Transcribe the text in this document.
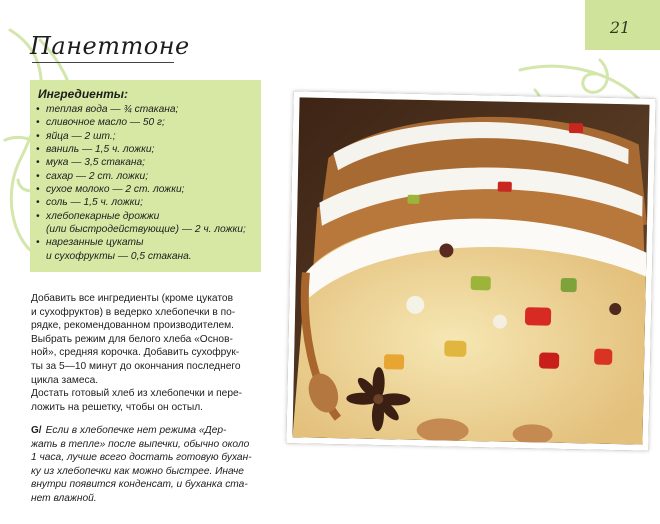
21
Панеттоне
Ингредиенты:
• теплая вода — ¾ стакана;
• сливочное масло — 50 г;
• яйца — 2 шт.;
• ваниль — 1,5 ч. ложки;
• мука — 3,5 стакана;
• сахар — 2 ст. ложки;
• сухое молоко — 2 ст. ложки;
• соль — 1,5 ч. ложки;
• хлебопекарные дрожжи
(или быстродействующие) — 2 ч. ложки;
• нарезанные цукаты
и сухофрукты — 0,5 стакана.

Добавить все ингредиенты (кроме цукатов

и сухофруктов) в ведерко хлебопечки в по-

рядке, рекомендованном производителем.

Выбрать режим для белого хлеба «Основ-

ной», средняя корочка. Добавить сухофрук-

ты за 5—10 минут до окончания последнего

цикла замеса.

Достать готовый хлеб из хлебопечки и пере-

ложить на решетку, чтобы он остыл.

G/ Если в хлебопечке нет режима «Дер-

жать в тепле» после выпечки, обычно около

1 часа, лучше всего достать готовую бухан-

ку из хлебопечки как можно быстрее. Иначе

внутри появится конденсат, и буханка ста-

нет влажной.
